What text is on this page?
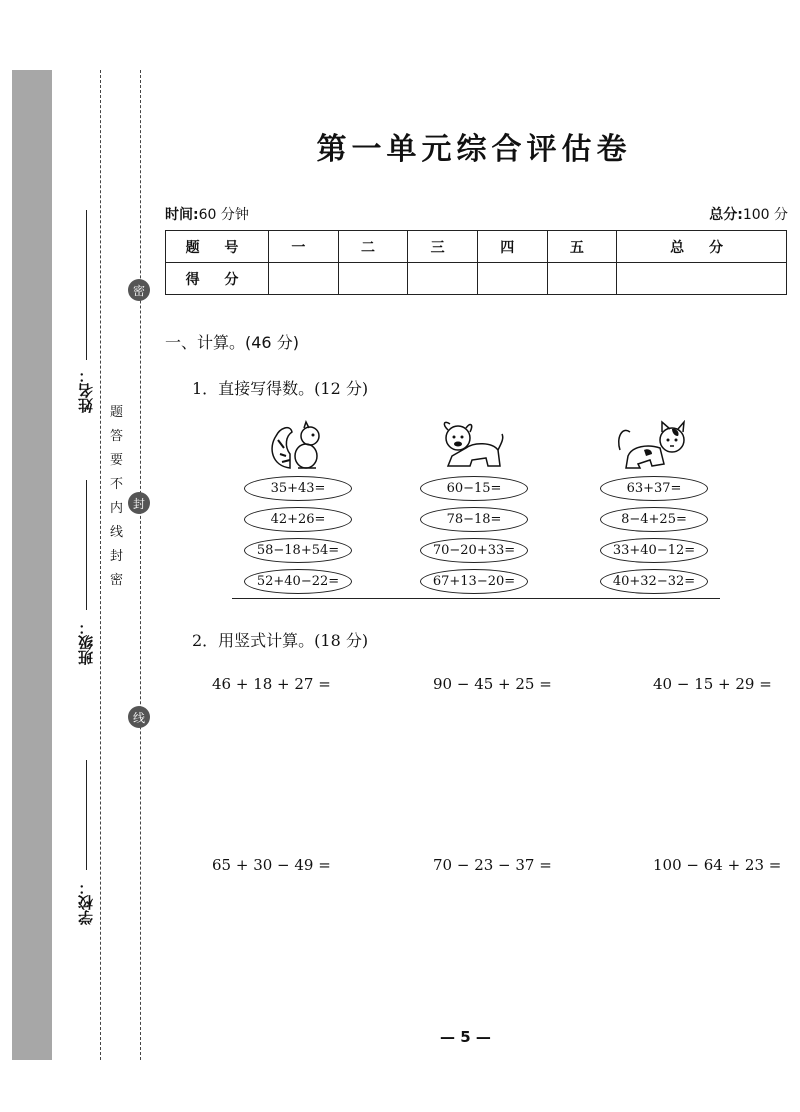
学校：
班级：
姓名：
密
封
线
题
答
要
不
内
线
封
密
第一单元综合评估卷
时间:60 分钟	总分:100 分
题 号	一	二	三	四	五	总 分
得 分						
一、计算。(46 分)
1．直接写得数。(12 分)
35+43=
42+26=
58−18+54=
52+40−22=
60−15=
78−18=
70−20+33=
67+13−20=
63+37=
8−4+25=
33+40−12=
40+32−32=
2．用竖式计算。(18 分)
46 + 18 + 27 =	90 − 45 + 25 =	40 − 15 + 29 =
65 + 30 − 49 =	70 − 23 − 37 =	100 − 64 + 23 =
— 5 —
